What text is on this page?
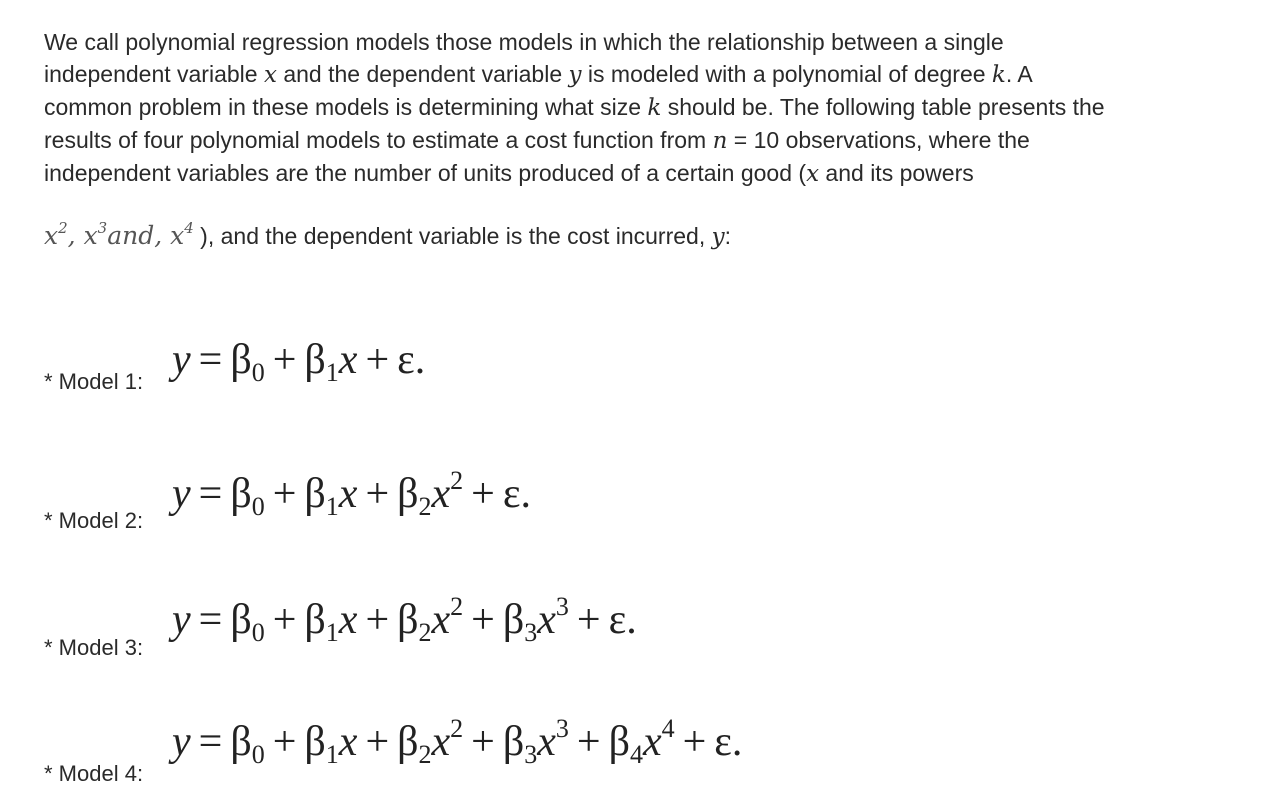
We call polynomial regression models those models in which the relationship between a single
independent variable x and the dependent variable y is modeled with a polynomial of degree k. A
common problem in these models is determining what size k should be. The following table presents the
results of four polynomial models to estimate a cost function from n = 10 observations, where the
independent variables are the number of units produced of a certain good (x and its powers
$x^2$, $x^3and$, $x^4$ ), and the dependent variable is the cost incurred, y:
* Model 1: $y = \beta_0 + \beta_1x + \varepsilon$.
* Model 2:
$y = \beta_0 + \beta_1x + \beta_2x^2 + \varepsilon$.
* Model 3:
$y = \beta_0 + \beta_1x + \beta_2x^2 + \beta_3x^3 + \varepsilon$.
* Model 4:
$y = \beta_0 + \beta_1x + \beta_2x^2 + \beta_3x^3 + \beta_4x^4 + \varepsilon$.
